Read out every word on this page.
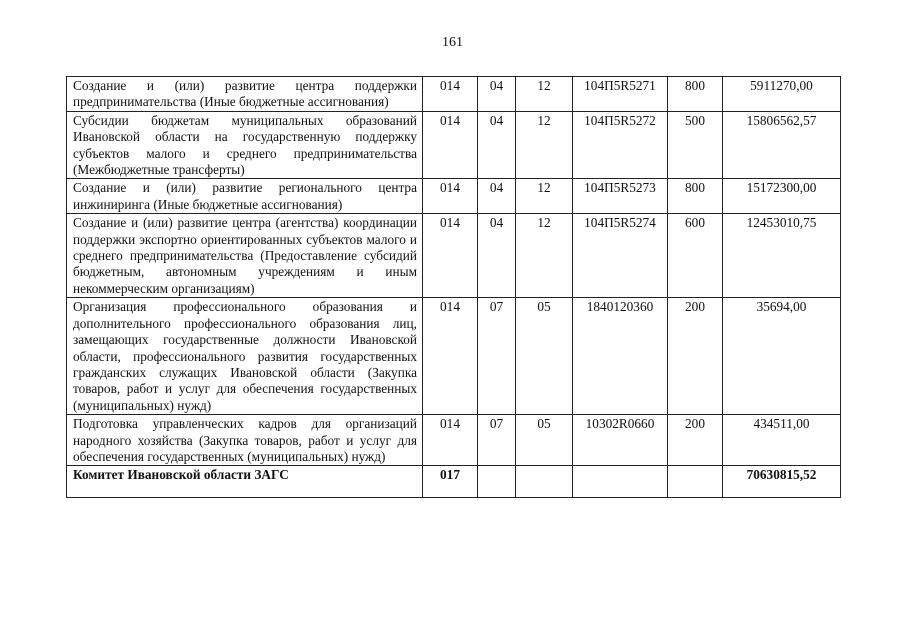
161
Создание и (или) развитие центра поддержки предпринимательства (Иные бюджетные ассигнования)	014	04	12	104П5R5271	800	5911270,00
Субсидии бюджетам муниципальных образований Ивановской области на государственную поддержку субъектов малого и среднего предпринимательства (Межбюджетные трансферты)	014	04	12	104П5R5272	500	15806562,57
Создание и (или) развитие регионального центра инжиниринга (Иные бюджетные ассигнования)	014	04	12	104П5R5273	800	15172300,00
Создание и (или) развитие центра (агентства) координации поддержки экспортно ориентированных субъектов малого и среднего предпринимательства (Предоставление субсидий бюджетным, автономным учреждениям и иным некоммерческим организациям)	014	04	12	104П5R5274	600	12453010,75
Организация профессионального образования и дополнительного профессионального образования лиц, замещающих государственные должности Ивановской области, профессионального развития государственных гражданских служащих Ивановской области (Закупка товаров, работ и услуг для обеспечения государственных (муниципальных) нужд)	014	07	05	1840120360	200	35694,00
Подготовка управленческих кадров для организаций народного хозяйства (Закупка товаров, работ и услуг для обеспечения государственных (муниципальных) нужд)	014	07	05	10302R0660	200	434511,00
Комитет Ивановской области ЗАГС	017					70630815,52
